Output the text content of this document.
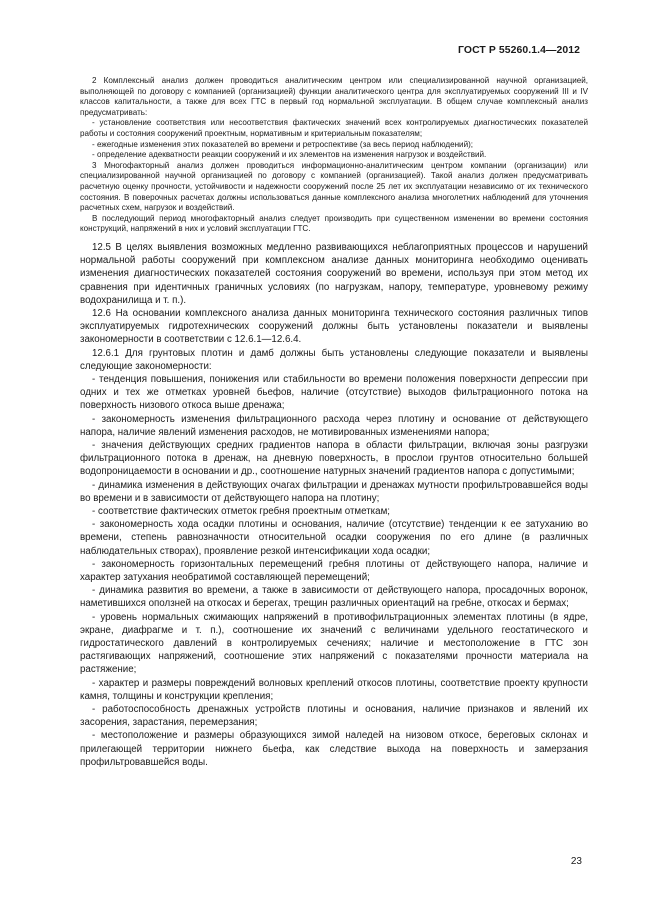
ГОСТ Р 55260.1.4—2012

2 Комплексный анализ должен проводиться аналитическим центром или специализированной научной организацией, выполняющей по договору с компанией (организацией) функции аналитического центра для эксплуатируемых сооружений III и IV классов капитальности, а также для всех ГТС в первый год нормальной эксплуатации. В общем случае комплексный анализ предусматривать:

- установление соответствия или несоответствия фактических значений всех контролируемых диагностических показателей работы и состояния сооружений проектным, нормативным и критериальным показателям;

- ежегодные изменения этих показателей во времени и ретроспективе (за весь период наблюдений);

- определение адекватности реакции сооружений и их элементов на изменения нагрузок и воздействий.

3 Многофакторный анализ должен проводиться информационно-аналитическим центром компании (организации) или специализированной научной организацией по договору с компанией (организацией). Такой анализ должен предусматривать расчетную оценку прочности, устойчивости и надежности сооружений после 25 лет их эксплуатации независимо от их технического состояния. В поверочных расчетах должны использоваться данные комплексного анализа многолетних наблюдений для уточнения расчетных схем, нагрузок и воздействий.

В последующий период многофакторный анализ следует производить при существенном изменении во времени состояния конструкций, напряжений в них и условий эксплуатации ГТС.

12.5 В целях выявления возможных медленно развивающихся неблагоприятных процессов и нарушений нормальной работы сооружений при комплексном анализе данных мониторинга необходимо оценивать изменения диагностических показателей состояния сооружений во времени, используя при этом метод их сравнения при идентичных граничных условиях (по нагрузкам, напору, температуре, уровневому режиму водохранилища и т. п.).

12.6 На основании комплексного анализа данных мониторинга технического состояния различных типов эксплуатируемых гидротехнических сооружений должны быть установлены показатели и выявлены закономерности в соответствии с 12.6.1—12.6.4.

12.6.1 Для грунтовых плотин и дамб должны быть установлены следующие показатели и выявлены следующие закономерности:

- тенденция повышения, понижения или стабильности во времени положения поверхности депрессии при одних и тех же отметках уровней бьефов, наличие (отсутствие) выходов фильтрационного потока на поверхность низового откоса выше дренажа;

- закономерность изменения фильтрационного расхода через плотину и основание от действующего напора, наличие явлений изменения расходов, не мотивированных изменениями напора;

- значения действующих средних градиентов напора в области фильтрации, включая зоны разгрузки фильтрационного потока в дренаж, на дневную поверхность, в прослои грунтов относительно большей водопроницаемости в основании и др., соотношение натурных значений градиентов напора с допустимыми;

- динамика изменения в действующих очагах фильтрации и дренажах мутности профильтровавшейся воды во времени и в зависимости от действующего напора на плотину;

- соответствие фактических отметок гребня проектным отметкам;

- закономерность хода осадки плотины и основания, наличие (отсутствие) тенденции к ее затуханию во времени, степень равнозначности относительной осадки сооружения по его длине (в различных наблюдательных створах), проявление резкой интенсификации хода осадки;

- закономерность горизонтальных перемещений гребня плотины от действующего напора, наличие и характер затухания необратимой составляющей перемещений;

- динамика развития во времени, а также в зависимости от действующего напора, просадочных воронок, наметившихся оползней на откосах и берегах, трещин различных ориентаций на гребне, откосах и бермах;

- уровень нормальных сжимающих напряжений в противофильтрационных элементах плотины (в ядре, экране, диафрагме и т. п.), соотношение их значений с величинами удельного геостатического и гидростатического давлений в контролируемых сечениях; наличие и местоположение в ГТС зон растягивающих напряжений, соотношение этих напряжений с показателями прочности материала на растяжение;

- характер и размеры повреждений волновых креплений откосов плотины, соответствие проекту крупности камня, толщины и конструкции крепления;

- работоспособность дренажных устройств плотины и основания, наличие признаков и явлений их засорения, зарастания, перемерзания;

- местоположение и размеры образующихся зимой наледей на низовом откосе, береговых склонах и прилегающей территории нижнего бьефа, как следствие выхода на поверхность и замерзания профильтровавшейся воды.

23
